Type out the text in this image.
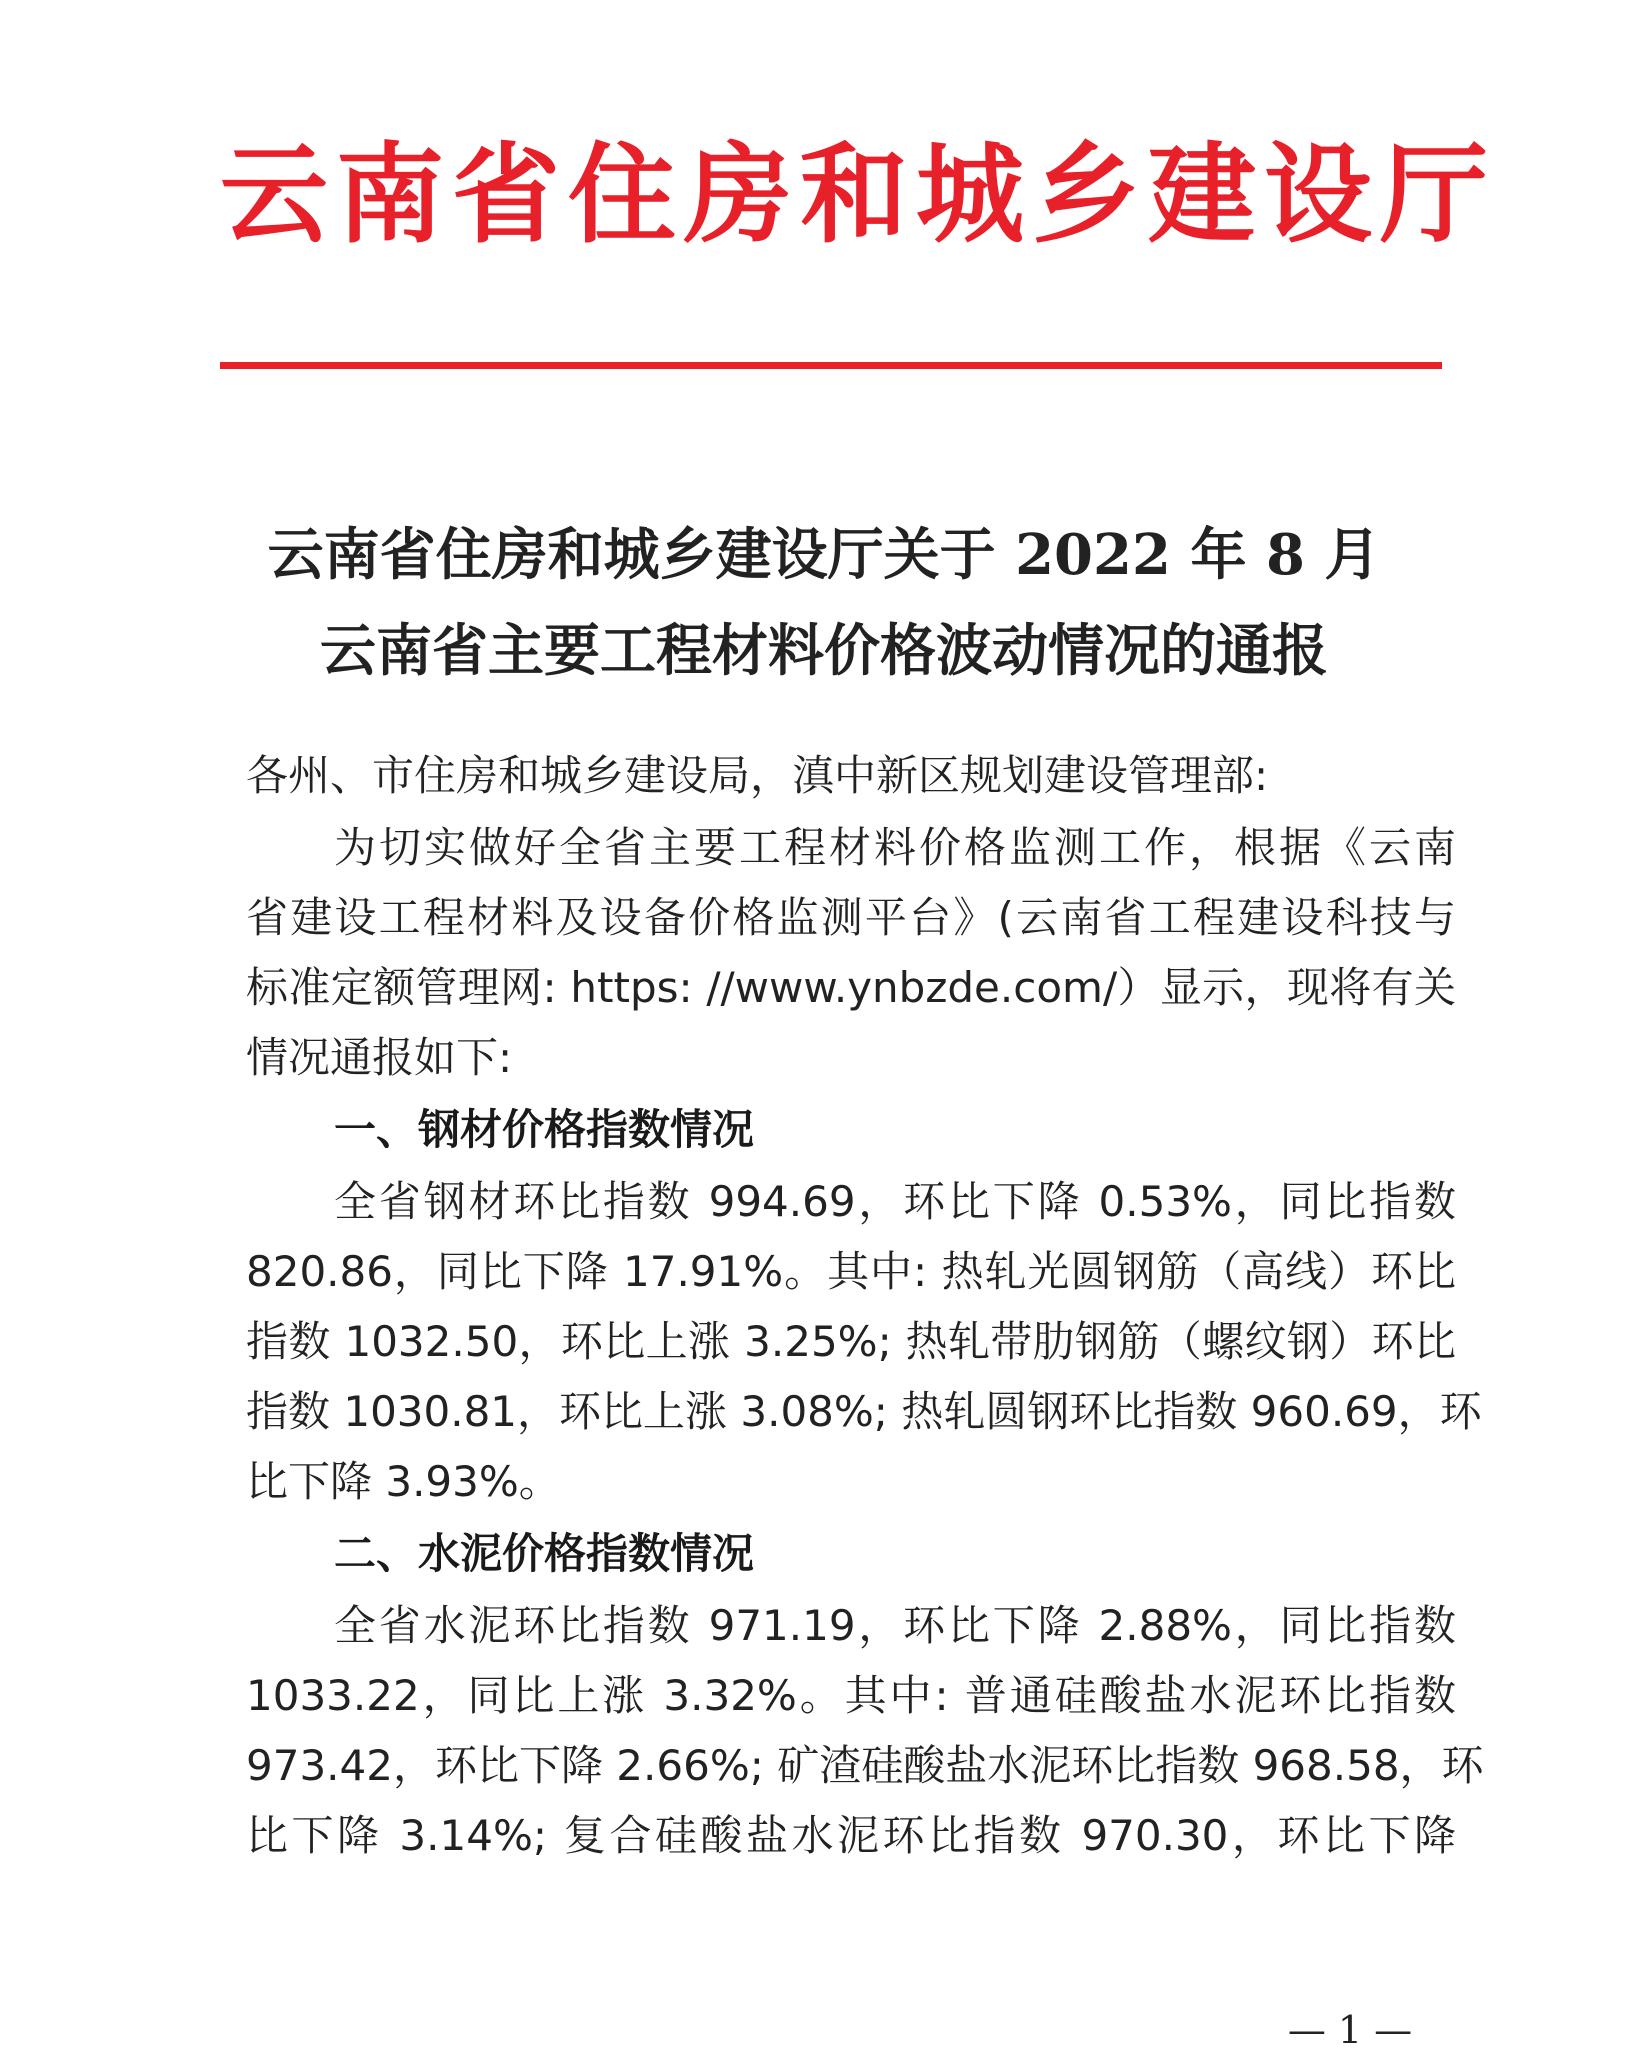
云南省住房和城乡建设厅
云南省住房和城乡建设厅关于 2022 年 8 月
云南省主要工程材料价格波动情况的通报
各州、市住房和城乡建设局，滇中新区规划建设管理部:
为切实做好全省主要工程材料价格监测工作，根据《云南
省建设工程材料及设备价格监测平台》(云南省工程建设科技与
标准定额管理网: https: //www.ynbzde.com/）显示，现将有关
情况通报如下:
一、钢材价格指数情况
全省钢材环比指数 994.69，环比下降 0.53%，同比指数
820.86，同比下降 17.91%。其中: 热轧光圆钢筋（高线）环比
指数 1032.50，环比上涨 3.25%; 热轧带肋钢筋（螺纹钢）环比
指数 1030.81，环比上涨 3.08%; 热轧圆钢环比指数 960.69，环
比下降 3.93%。
二、水泥价格指数情况
全省水泥环比指数 971.19，环比下降 2.88%，同比指数
1033.22，同比上涨 3.32%。其中: 普通硅酸盐水泥环比指数
973.42，环比下降 2.66%; 矿渣硅酸盐水泥环比指数 968.58，环
比下降 3.14%; 复合硅酸盐水泥环比指数 970.30，环比下降
— 1 —
